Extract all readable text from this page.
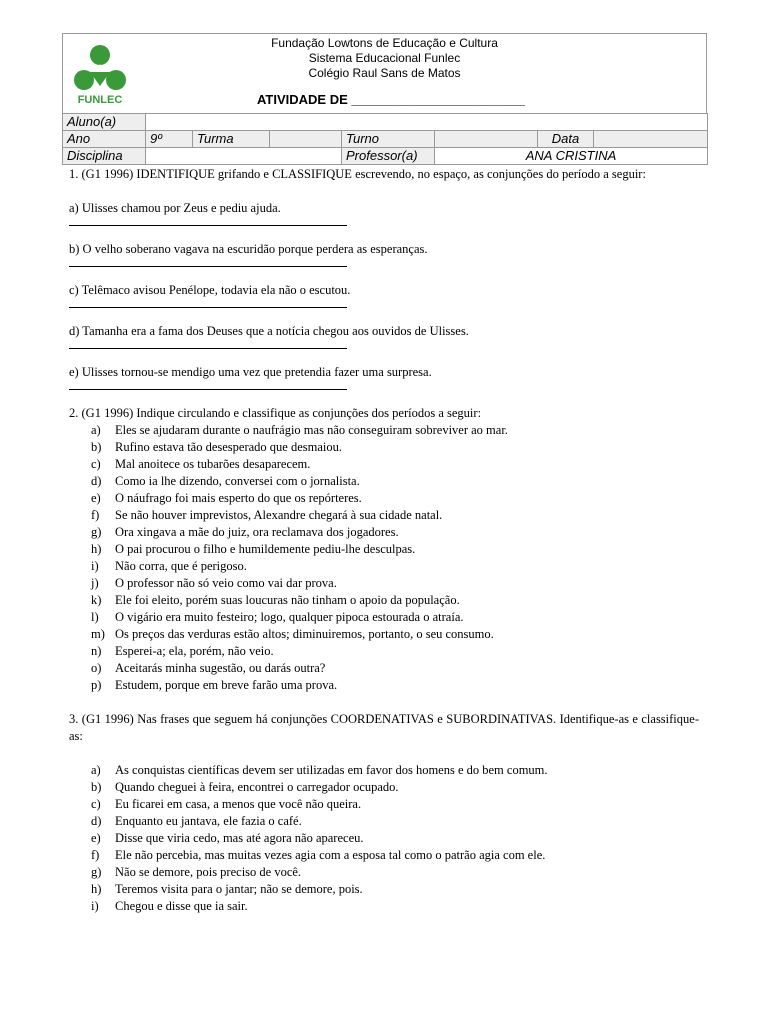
FUNLEC
Fundação Lowtons de Educação e Cultura
Sistema Educacional Funlec
Colégio Raul Sans de Matos
ATIVIDADE DE ________________________
Aluno(a)							
Ano	9º	Turma		Turno		Data	
Disciplina				Professor(a)	ANA CRISTINA		

1. (G1 1996) IDENTIFIQUE grifando e CLASSIFIQUE escrevendo, no espaço, as conjunções do período a seguir:

a) Ulisses chamou por Zeus e pediu ajuda.

b) O velho soberano vagava na escuridão porque perdera as esperanças.

c) Telêmaco avisou Penélope, todavia ela não o escutou.

d) Tamanha era a fama dos Deuses que a notícia chegou aos ouvidos de Ulisses.

e) Ulisses tornou-se mendigo uma vez que pretendia fazer uma surpresa.

2. (G1 1996) Indique circulando e classifique as conjunções dos períodos a seguir:

a) Eles se ajudaram durante o naufrágio mas não conseguiram sobreviver ao mar.
b) Rufino estava tão desesperado que desmaiou.
c) Mal anoitece os tubarões desaparecem.
d) Como ia lhe dizendo, conversei com o jornalista.
e) O náufrago foi mais esperto do que os repórteres.
f) Se não houver imprevistos, Alexandre chegará à sua cidade natal.
g) Ora xingava a mãe do juiz, ora reclamava dos jogadores.
h) O pai procurou o filho e humildemente pediu-lhe desculpas.
i) Não corra, que é perigoso.
j) O professor não só veio como vai dar prova.
k) Ele foi eleito, porém suas loucuras não tinham o apoio da população.
l) O vigário era muito festeiro; logo, qualquer pipoca estourada o atraía.
m) Os preços das verduras estão altos; diminuiremos, portanto, o seu consumo.
n) Esperei-a; ela, porém, não veio.
o) Aceitarás minha sugestão, ou darás outra?
p) Estudem, porque em breve farão uma prova.

3. (G1 1996) Nas frases que seguem há conjunções COORDENATIVAS e SUBORDINATIVAS. Identifique-as e classifique-as:

a) As conquistas científicas devem ser utilizadas em favor dos homens e do bem comum.
b) Quando cheguei à feira, encontrei o carregador ocupado.
c) Eu ficarei em casa, a menos que você não queira.
d) Enquanto eu jantava, ele fazia o café.
e) Disse que viria cedo, mas até agora não apareceu.
f) Ele não percebia, mas muitas vezes agia com a esposa tal como o patrão agia com ele.
g) Não se demore, pois preciso de você.
h) Teremos visita para o jantar; não se demore, pois.
i) Chegou e disse que ia sair.
